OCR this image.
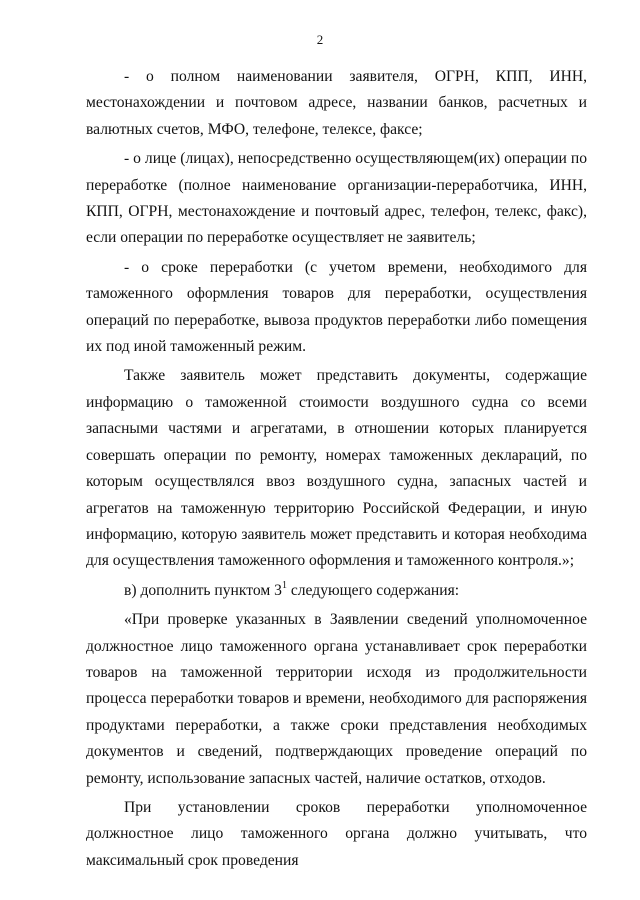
2

- о полном наименовании заявителя, ОГРН, КПП, ИНН, местонахождении и почтовом адресе, названии банков, расчетных и валютных счетов, МФО, телефоне, телексе, факсе;

- о лице (лицах), непосредственно осуществляющем(их) операции по переработке (полное наименование организации-переработчика, ИНН, КПП, ОГРН, местонахождение и почтовый адрес, телефон, телекс, факс), если операции по переработке осуществляет не заявитель;

- о сроке переработки (с учетом времени, необходимого для таможенного оформления товаров для переработки, осуществления операций по переработке, вывоза продуктов переработки либо помещения их под иной таможенный режим.

Также заявитель может представить документы, содержащие информацию о таможенной стоимости воздушного судна со всеми запасными частями и агрегатами, в отношении которых планируется совершать операции по ремонту, номерах таможенных деклараций, по которым осуществлялся ввоз воздушного судна, запасных частей и агрегатов на таможенную территорию Российской Федерации, и иную информацию, которую заявитель может представить и которая необходима для осуществления таможенного оформления и таможенного контроля.»;

в) дополнить пунктом $3^1$ следующего содержания:

«При проверке указанных в Заявлении сведений уполномоченное должностное лицо таможенного органа устанавливает срок переработки товаров на таможенной территории исходя из продолжительности процесса переработки товаров и времени, необходимого для распоряжения продуктами переработки, а также сроки представления необходимых документов и сведений, подтверждающих проведение операций по ремонту, использование запасных частей, наличие остатков, отходов.

При установлении сроков переработки уполномоченное должностное лицо таможенного органа должно учитывать, что максимальный срок проведения
